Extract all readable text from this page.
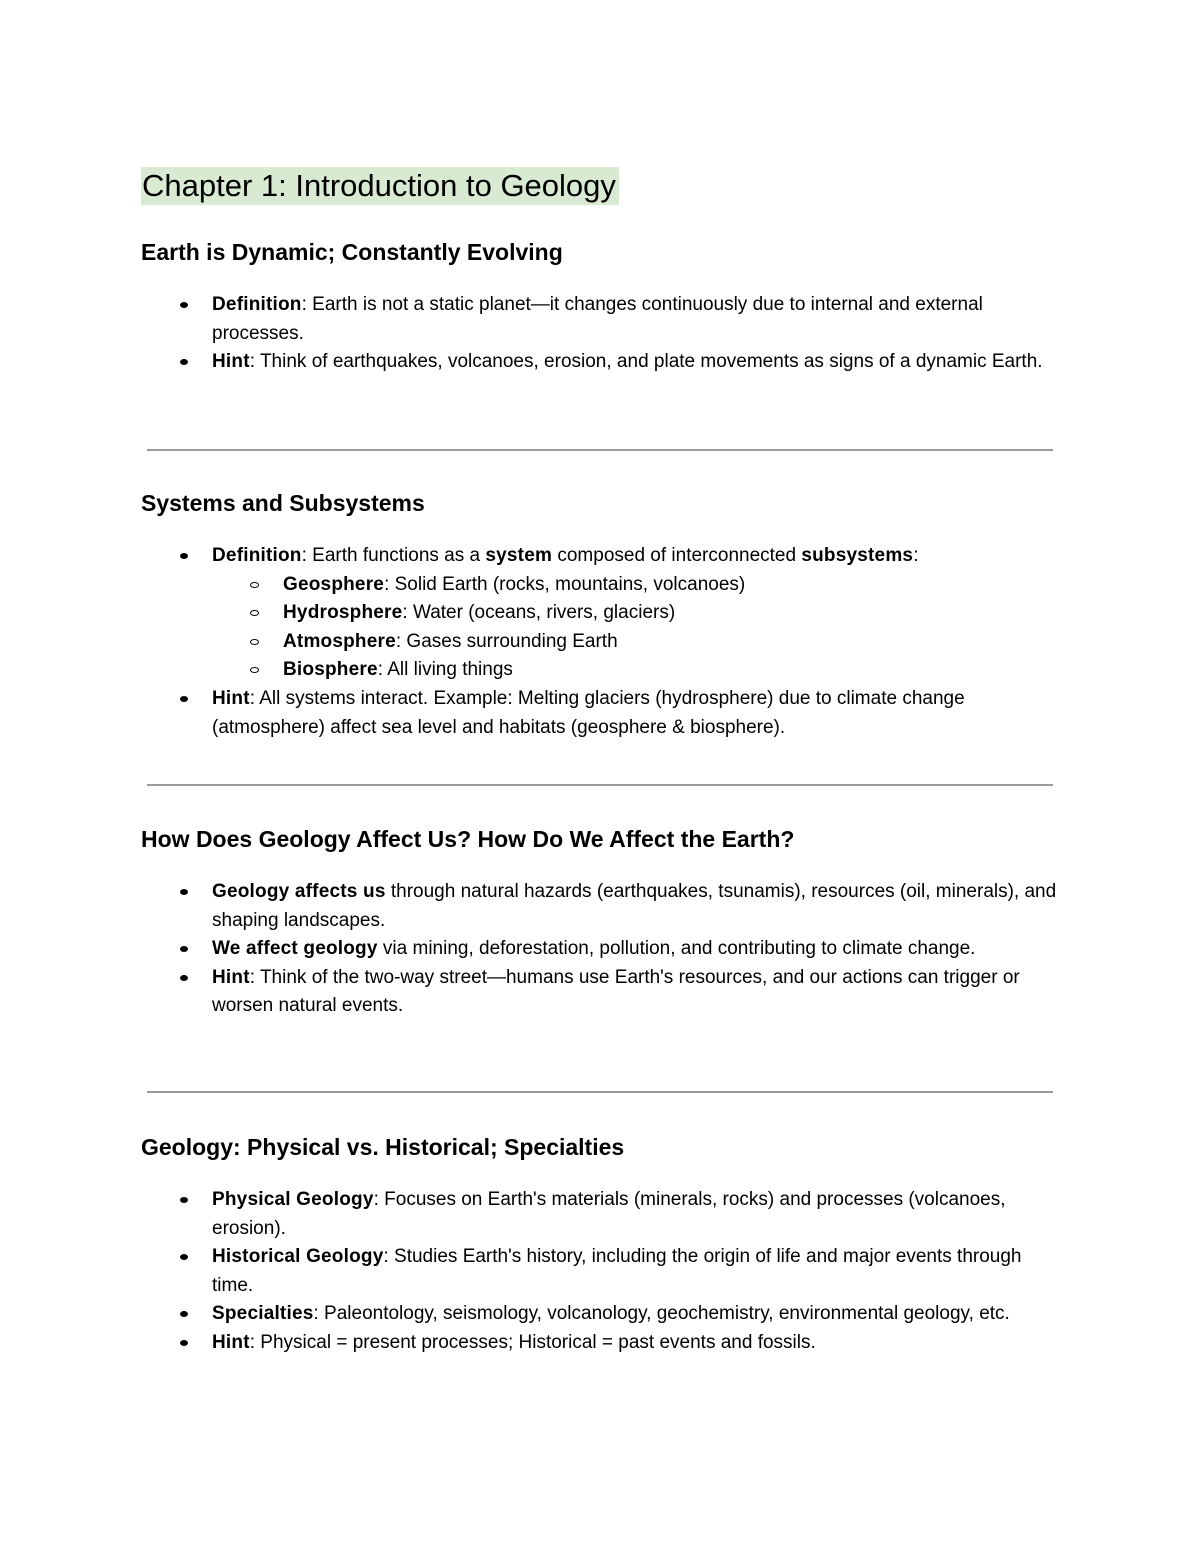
Chapter 1: Introduction to Geology
Earth is Dynamic; Constantly Evolving
Definition: Earth is not a static planet—it changes continuously due to internal and external processes.
Hint: Think of earthquakes, volcanoes, erosion, and plate movements as signs of a dynamic Earth.
Systems and Subsystems
Definition: Earth functions as a system composed of interconnected subsystems:
Geosphere: Solid Earth (rocks, mountains, volcanoes)
Hydrosphere: Water (oceans, rivers, glaciers)
Atmosphere: Gases surrounding Earth
Biosphere: All living things
Hint: All systems interact. Example: Melting glaciers (hydrosphere) due to climate change (atmosphere) affect sea level and habitats (geosphere & biosphere).
How Does Geology Affect Us? How Do We Affect the Earth?
Geology affects us through natural hazards (earthquakes, tsunamis), resources (oil, minerals), and shaping landscapes.
We affect geology via mining, deforestation, pollution, and contributing to climate change.
Hint: Think of the two-way street—humans use Earth's resources, and our actions can trigger or worsen natural events.
Geology: Physical vs. Historical; Specialties
Physical Geology: Focuses on Earth's materials (minerals, rocks) and processes (volcanoes, erosion).
Historical Geology: Studies Earth's history, including the origin of life and major events through time.
Specialties: Paleontology, seismology, volcanology, geochemistry, environmental geology, etc.
Hint: Physical = present processes; Historical = past events and fossils.
